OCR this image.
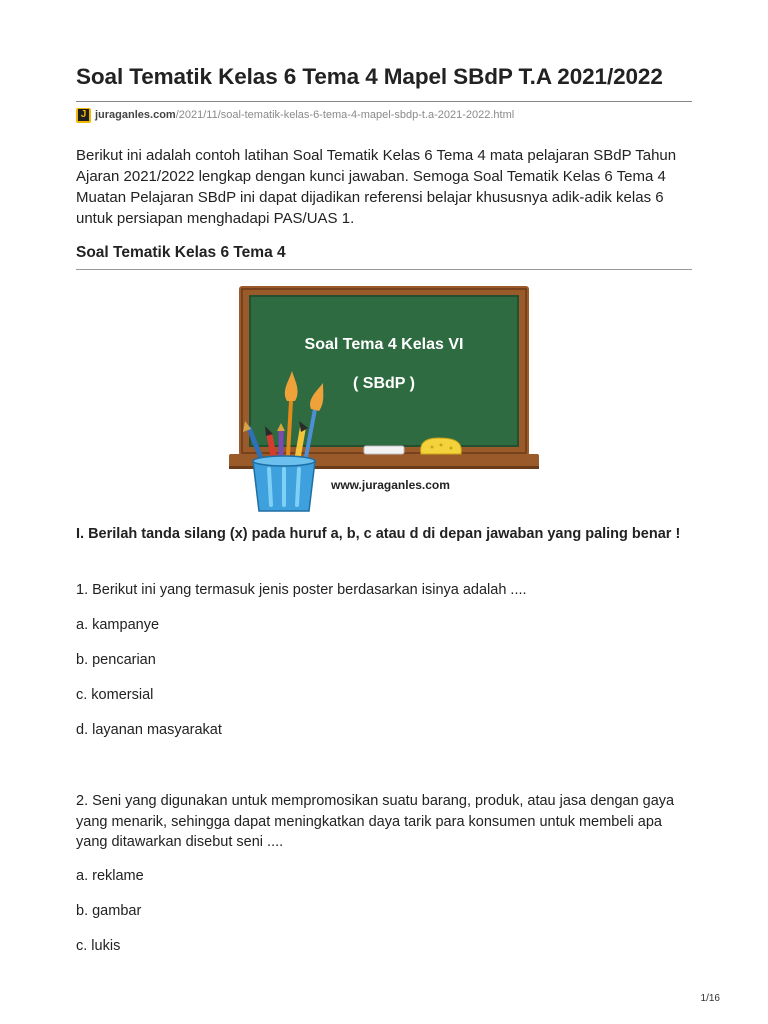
Soal Tematik Kelas 6 Tema 4 Mapel SBdP T.A 2021/2022
J juraganles.com /2021/11/soal-tematik-kelas-6-tema-4-mapel-sbdp-t.a-2021-2022.html
Berikut ini adalah contoh latihan Soal Tematik Kelas 6 Tema 4 mata pelajaran SBdP Tahun Ajaran 2021/2022 lengkap dengan kunci jawaban. Semoga Soal Tematik Kelas 6 Tema 4 Muatan Pelajaran SBdP ini dapat dijadikan referensi belajar khususnya adik-adik kelas 6 untuk persiapan menghadapi PAS/UAS 1.
Soal Tematik Kelas 6 Tema 4
Soal Tema 4 Kelas VI
( SBdP )
www.juraganles.com
I. Berilah tanda silang (x) pada huruf a, b, c atau d di depan jawaban yang paling benar !
1. Berikut ini yang termasuk jenis poster berdasarkan isinya adalah ....
a. kampanye
b. pencarian
c. komersial
d. layanan masyarakat
2. Seni yang digunakan untuk mempromosikan suatu barang, produk, atau jasa dengan gaya yang menarik, sehingga dapat meningkatkan daya tarik para konsumen untuk membeli apa yang ditawarkan disebut seni ....
a. reklame
b. gambar
c. lukis
1/16
